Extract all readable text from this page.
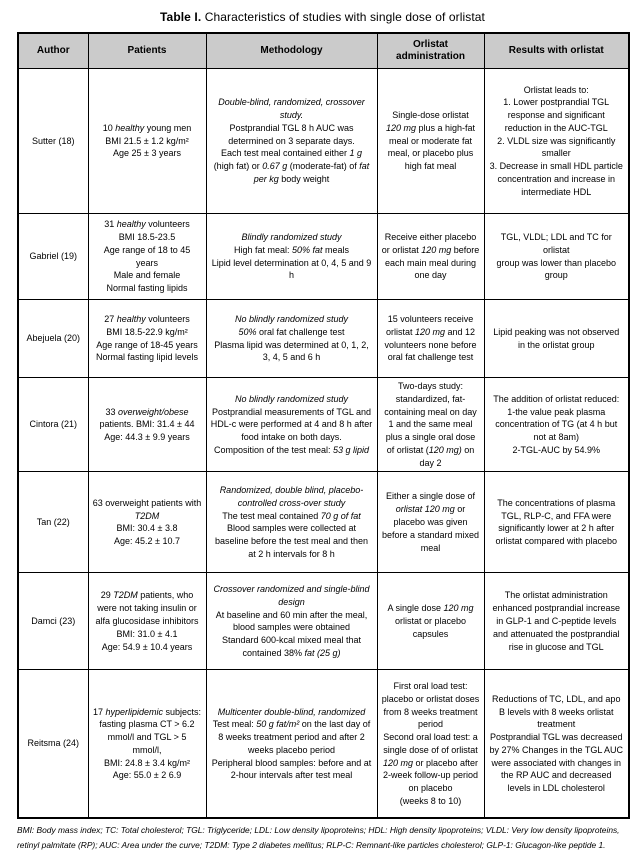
Table I. Characteristics of studies with single dose of orlistat
Author	Patients	Methodology	Orlistat administration	Results with orlistat
Sutter (18)	10 healthy young men
BMI 21.5 ± 1.2 kg/m²
Age 25 ± 3 years	Double-blind, randomized, crossover study.
Postprandial TGL 8 h AUC was determined on 3 separate days.
Each test meal contained either 1 g (high fat) or 0.67 g (moderate-fat) of fat per kg body weight	Single-dose orlistat
120 mg plus a high-fat meal or moderate fat meal, or placebo plus high fat meal	Orlistat leads to:
1. Lower postprandial TGL response and significant reduction in the AUC-TGL
2. VLDL size was significantly smaller
3. Decrease in small HDL particle concentration and increase in intermediate HDL
Gabriel (19)	31 healthy volunteers
BMI 18.5-23.5
Age range of 18 to 45 years
Male and female
Normal fasting lipids	Blindly randomized study
High fat meal: 50% fat meals
Lipid level determination at 0, 4, 5 and 9 h	Receive either placebo or orlistat 120 mg before each main meal during one day	TGL, VLDL; LDL and TC for orlistat
group was lower than placebo group
Abejuela (20)	27 healthy volunteers
BMI 18.5-22.9 kg/m²
Age range of 18-45 years
Normal fasting lipid levels	No blindly randomized study
50% oral fat challenge test
Plasma lipid was determined at 0, 1, 2, 3, 4, 5 and 6 h	15 volunteers receive orlistat 120 mg and 12 volunteers none before oral fat challenge test	Lipid peaking was not observed in the orlistat group
Cintora (21)	33 overweight/obese patients. BMI: 31.4 ± 44
Age: 44.3 ± 9.9 years	No blindly randomized study
Postprandial measurements of TGL and HDL-c were performed at 4 and 8 h after food intake on both days.
Composition of the test meal: 53 g lipid	Two-days study: standardized, fat-containing meal on day 1 and the same meal plus a single oral dose of orlistat (120 mg) on day 2	The addition of orlistat reduced:
1-the value peak plasma concentration of TG (at 4 h but not at 8am)
2-TGL-AUC by 54.9%
Tan (22)	63 overweight patients with T2DM
BMI: 30.4 ± 3.8
Age: 45.2 ± 10.7	Randomized, double blind, placebo-controlled cross-over study
The test meal contained 70 g of fat
Blood samples were collected at baseline before the test meal and then at 2 h intervals for 8 h	Either a single dose of orlistat 120 mg or placebo was given before a standard mixed meal	The concentrations of plasma TGL, RLP-C, and FFA were significantly lower at 2 h after orlistat compared with placebo
Damci (23)	29 T2DM patients, who were not taking insulin or alfa glucosidase inhibitors
BMI: 31.0 ± 4.1
Age: 54.9 ± 10.4 years	Crossover randomized and single-blind design
At baseline and 60 min after the meal, blood samples were obtained
Standard 600-kcal mixed meal that contained 38% fat (25 g)	A single dose 120 mg orlistat or placebo capsules	The orlistat administration enhanced postprandial increase in GLP-1 and C-peptide levels and attenuated the postprandial rise in glucose and TGL
Reitsma (24)	17 hyperlipidemic subjects: fasting plasma CT > 6.2 mmol/l and TGL > 5 mmol/l,
BMI: 24.8 ± 3.4 kg/m²
Age: 55.0 ± 2 6.9	Multicenter double-blind, randomized
Test meal: 50 g fat/m² on the last day of 8 weeks treatment period and after 2 weeks placebo period
Peripheral blood samples: before and at 2-hour intervals after test meal	First oral load test: placebo or orlistat doses from 8 weeks treatment period
Second oral load test: a single dose of of orlistat 120 mg or placebo after 2-week follow-up period on placebo
(weeks 8 to 10)	Reductions of TC, LDL, and apo B levels with 8 weeks orlistat treatment
Postprandial TGL was decreased by 27% Changes in the TGL AUC were associated with changes in the RP AUC and decreased levels in LDL cholesterol
BMI: Body mass index; TC: Total cholesterol; TGL: Triglyceride; LDL: Low density lipoproteins; HDL: High density lipoproteins; VLDL: Very low density lipoproteins, retinyl palmitate (RP); AUC: Area under the curve; T2DM: Type 2 diabetes mellitus; RLP-C: Remnant-like particles cholesterol; GLP-1: Glucagon-like peptide 1.
